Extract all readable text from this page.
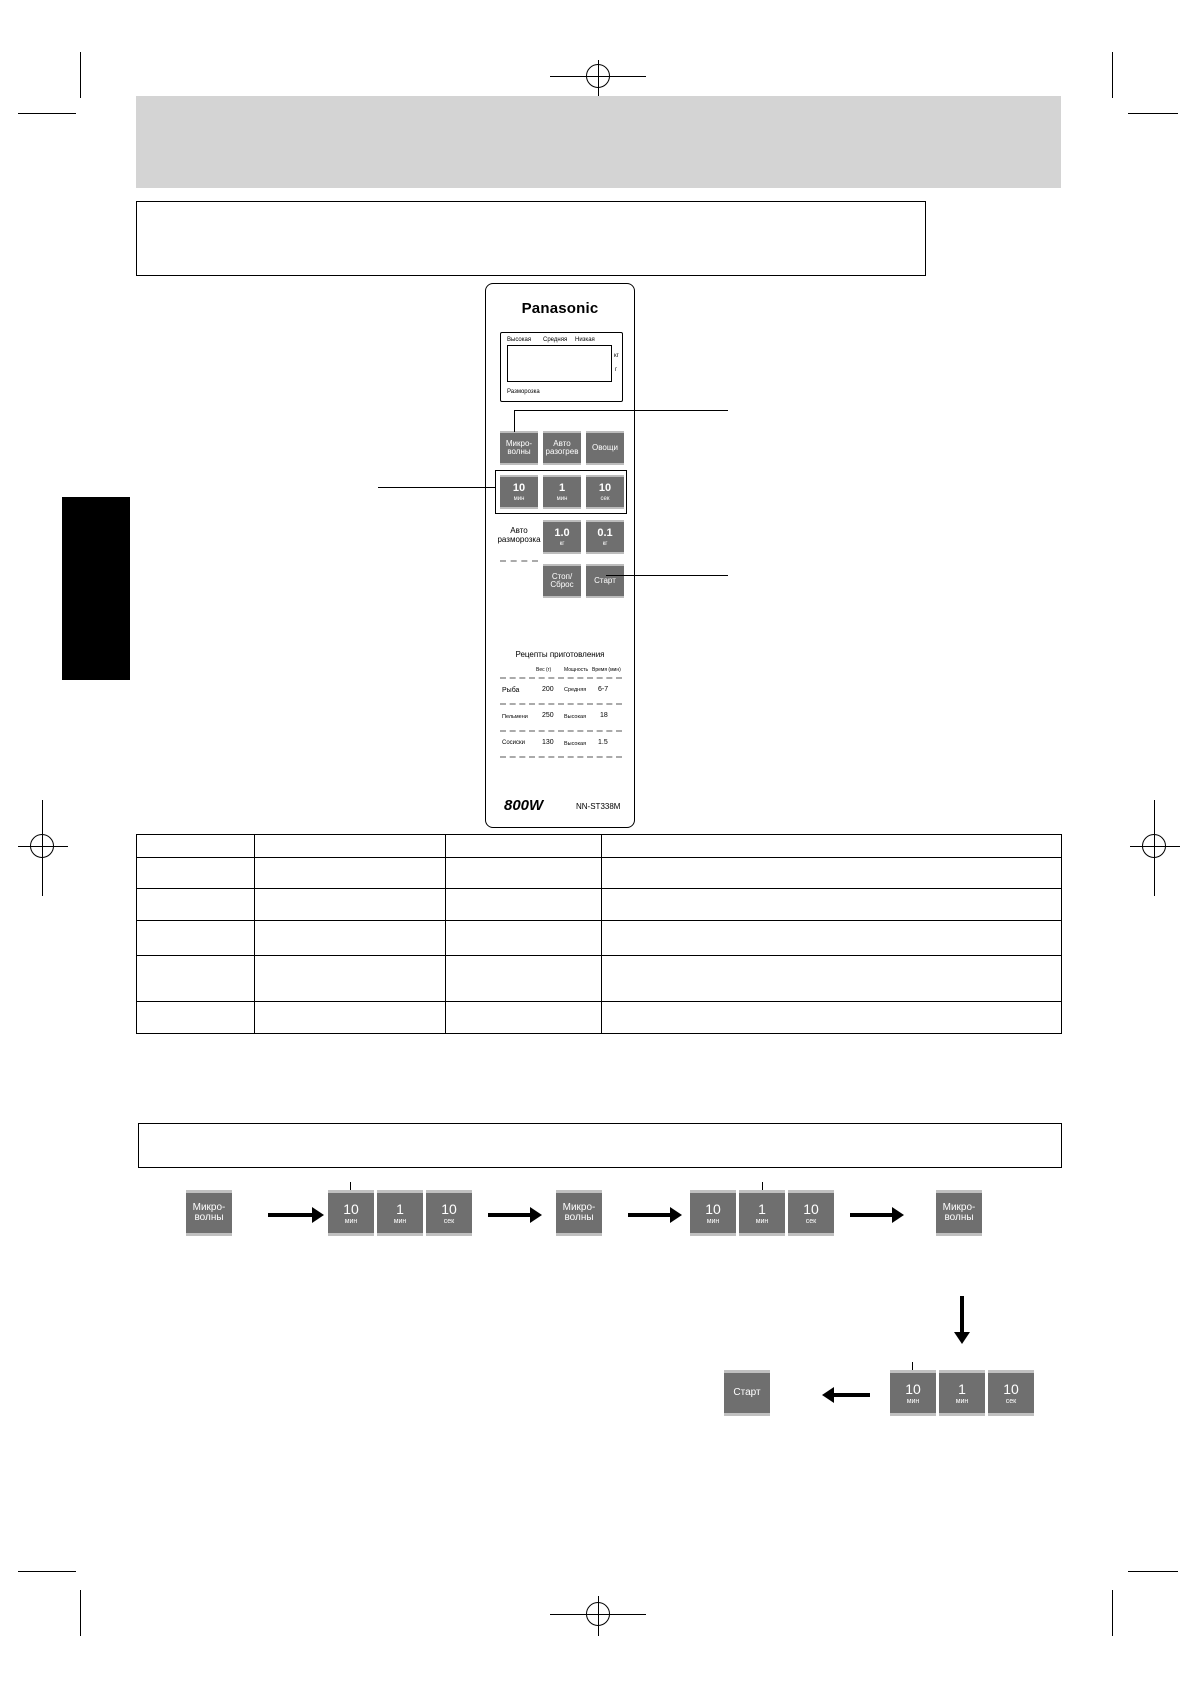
Panasonic
Высокая Средняя Низкая
кг
г
Разморозка
Микро-
волны
Авто
разогрев Овощи
10
мин
1
мин
10
сек
Авто
разморозка
1.0
кг
0.1
кг
Стоп/
Сброс	Старт
Рецепты приготовления
Вес (г)	Мощность Время (мин)
Рыба	200 Средняя 6-7
Пельмени 250 Высокая 18
Сосиски 130 Высокая 1.5
800W	NN-ST338M
Микро-
волны
10
мин
1
мин
10
сек
Микро-
волны
10
мин
1
мин
10
сек
Микро-
волны
Старт	10
мин
1
мин
10
сек
